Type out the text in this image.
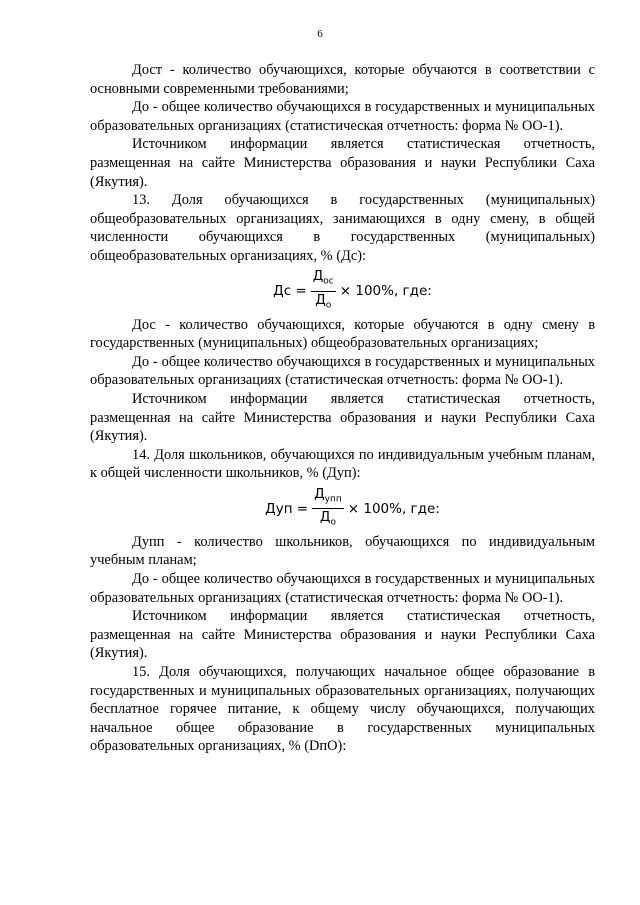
6

Дост - количество обучающихся, которые обучаются в соответствии с основными современными требованиями;

До - общее количество обучающихся в государственных и муниципальных образовательных организациях (статистическая отчетность: форма № ОО-1).

Источником информации является статистическая отчетность, размещенная на сайте Министерства образования и науки Республики Саха (Якутия).

13. Доля обучающихся в государственных (муниципальных) общеобразовательных организациях, занимающихся в одну смену, в общей численности обучающихся в государственных (муниципальных) общеобразовательных организациях, % (Дс):

Дс = $\frac{Д_{ос}}{Д_о} \times 100\%$, где:

Дос - количество обучающихся, которые обучаются в одну смену в государственных (муниципальных) общеобразовательных организациях;

До - общее количество обучающихся в государственных и муниципальных образовательных организациях (статистическая отчетность: форма № ОО-1).

Источником информации является статистическая отчетность, размещенная на сайте Министерства образования и науки Республики Саха (Якутия).

14. Доля школьников, обучающихся по индивидуальным учебным планам, к общей численности школьников, % (Дуп):

Дуп = $\frac{Д_{упп}}{Д_о} \times 100\%$, где:

Дупп - количество школьников, обучающихся по индивидуальным учебным планам;

До - общее количество обучающихся в государственных и муниципальных образовательных организациях (статистическая отчетность: форма № ОО-1).

Источником информации является статистическая отчетность, размещенная на сайте Министерства образования и науки Республики Саха (Якутия).

15. Доля обучающихся, получающих начальное общее образование в государственных и муниципальных образовательных организациях, получающих бесплатное горячее питание, к общему числу обучающихся, получающих начальное общее образование в государственных муниципальных образовательных организациях, % (DпО):
